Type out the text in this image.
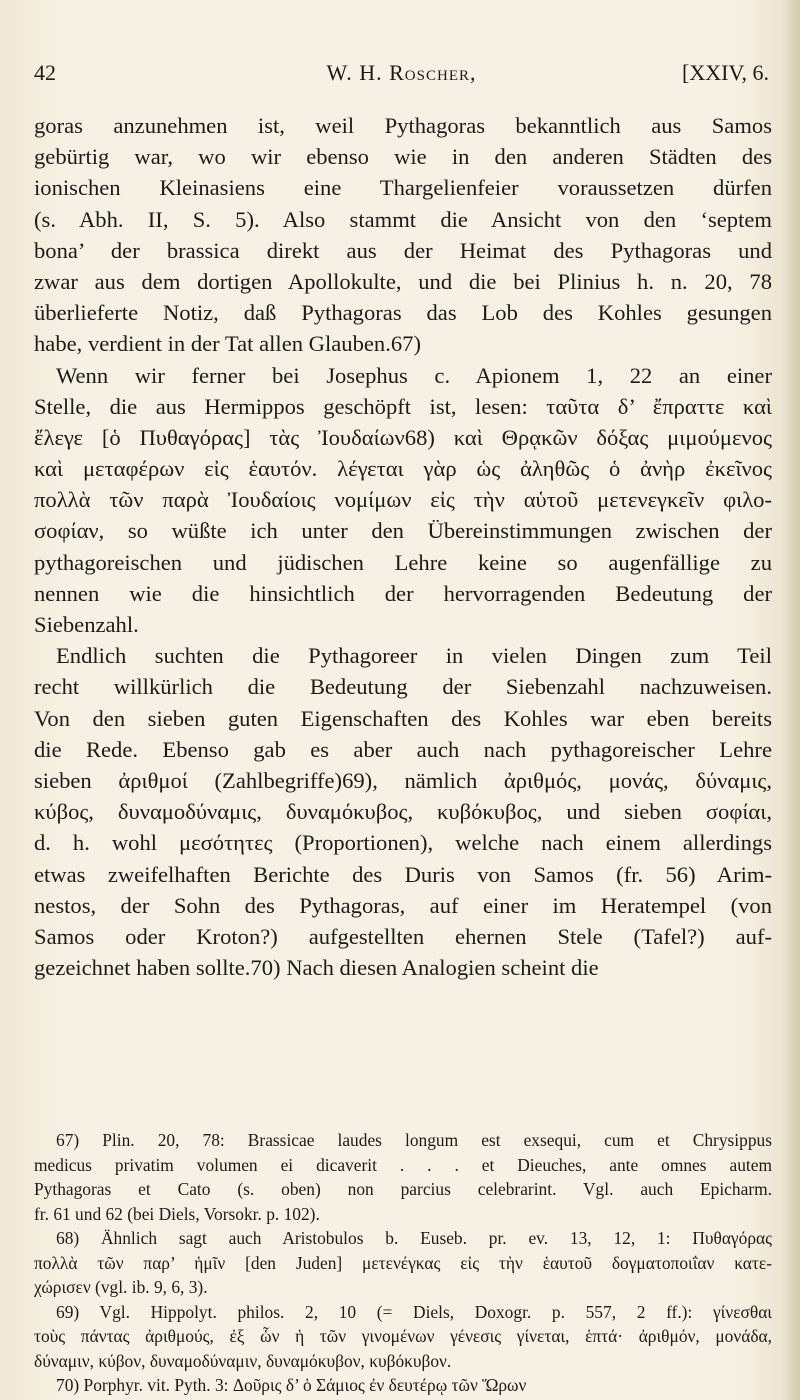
42	W. H. Roscher,	[XXIV, 6.
goras anzunehmen ist, weil Pythagoras bekanntlich aus Samos
gebürtig war, wo wir ebenso wie in den anderen Städten des
ionischen Kleinasiens eine Thargelienfeier voraussetzen dürfen
(s. Abh. II, S. 5). Also stammt die Ansicht von den ‘septem
bona’ der brassica direkt aus der Heimat des Pythagoras und
zwar aus dem dortigen Apollokulte, und die bei Plinius h. n. 20, 78
überlieferte Notiz, daß Pythagoras das Lob des Kohles gesungen
habe, verdient in der Tat allen Glauben.67)
Wenn wir ferner bei Josephus c. Apionem 1, 22 an einer
Stelle, die aus Hermippos geschöpft ist, lesen: ταῦτα δ’ ἔπραττε καὶ
ἔλεγε [ὁ Πυθαγόρας] τὰς Ἰουδαίων68) καὶ Θρᾳκῶν δόξας μιμούμενος
καὶ μεταφέρων εἰς ἑαυτόν. λέγεται γὰρ ὡς ἀληθῶς ὁ ἀνὴρ ἐκεῖνος
πολλὰ τῶν παρὰ Ἰουδαίοις νομίμων εἰς τὴν αὑτοῦ μετενεγκεῖν φιλο-
σοφίαν, so wüßte ich unter den Übereinstimmungen zwischen der
pythagoreischen und jüdischen Lehre keine so augenfällige zu
nennen wie die hinsichtlich der hervorragenden Bedeutung der
Siebenzahl.
Endlich suchten die Pythagoreer in vielen Dingen zum Teil
recht willkürlich die Bedeutung der Siebenzahl nachzuweisen.
Von den sieben guten Eigenschaften des Kohles war eben bereits
die Rede. Ebenso gab es aber auch nach pythagoreischer Lehre
sieben ἀριθμοί (Zahlbegriffe)69), nämlich ἀριθμός, μονάς, δύναμις,
κύβος, δυναμοδύναμις, δυναμόκυβος, κυβόκυβος, und sieben σοφίαι,
d. h. wohl μεσότητες (Proportionen), welche nach einem allerdings
etwas zweifelhaften Berichte des Duris von Samos (fr. 56) Arim-
nestos, der Sohn des Pythagoras, auf einer im Heratempel (von
Samos oder Kroton?) aufgestellten ehernen Stele (Tafel?) auf-
gezeichnet haben sollte.70) Nach diesen Analogien scheint die
67) Plin. 20, 78: Brassicae laudes longum est exsequi, cum et Chrysippus
medicus privatim volumen ei dicaverit . . . et Dieuches, ante omnes autem
Pythagoras et Cato (s. oben) non parcius celebrarint. Vgl. auch Epicharm.
fr. 61 und 62 (bei Diels, Vorsokr. p. 102).
68) Ähnlich sagt auch Aristobulos b. Euseb. pr. ev. 13, 12, 1: Πυθαγόρας
πολλὰ τῶν παρ’ ἡμῖν [den Juden] μετενέγκας εἰς τὴν ἑαυτοῦ δογματοποιΐαν κατε-
χώρισεν (vgl. ib. 9, 6, 3).
69) Vgl. Hippolyt. philos. 2, 10 (= Diels, Doxogr. p. 557, 2 ff.): γίνεσθαι
τοὺς πάντας ἀριθμούς, ἐξ ὧν ἡ τῶν γινομένων γένεσις γίνεται, ἑπτά· ἀριθμόν, μονάδα,
δύναμιν, κύβον, δυναμοδύναμιν, δυναμόκυβον, κυβόκυβον.
70) Porphyr. vit. Pyth. 3: Δοῦρις δ’ ὁ Σάμιος ἐν δευτέρῳ τῶν Ὥρων
